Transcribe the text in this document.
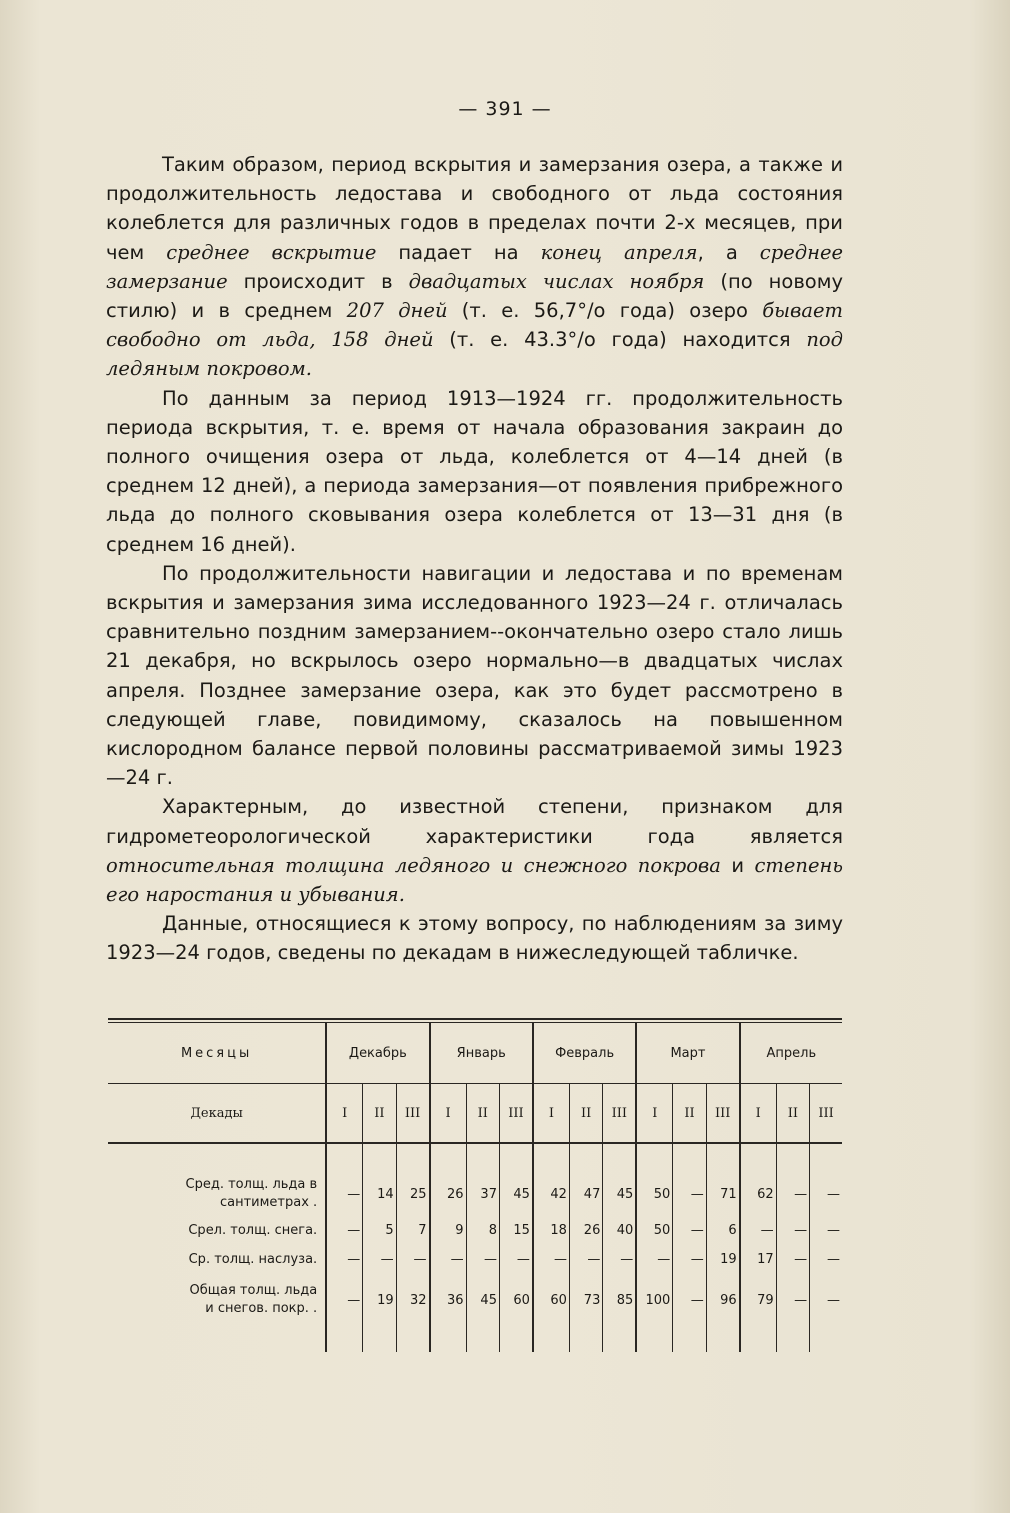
— 391 —

Таким образом, период вскрытия и замерзания озера, а также и продолжительность ледостава и свободного от льда состояния колеблется для различных годов в пределах почти 2-х месяцев, при чем среднее вскрытие падает на конец апреля, а среднее замерзание происходит в двадцатых числах ноября (по новому стилю) и в среднем 207 дней (т. е. 56,7°/o года) озеро бывает свободно от льда, 158 дней (т. е. 43.3°/o года) находится под ледяным покровом.

По данным за период 1913—1924 гг. продолжительность периода вскрытия, т. е. время от начала образования закраин до полного очищения озера от льда, колеблется от 4—14 дней (в среднем 12 дней), а периода замерзания—от появления прибрежного льда до полного сковывания озера колеблется от 13—31 дня (в среднем 16 дней).

По продолжительности навигации и ледостава и по временам вскрытия и замерзания зима исследованного 1923—24 г. отличалась сравнительно поздним замерзанием--окончательно озеро стало лишь 21 декабря, но вскрылось озеро нормально—в двадцатых числах апреля. Позднее замерзание озера, как это будет рассмотрено в следующей главе, повидимому, сказалось на повышенном кислородном балансе первой половины рассматриваемой зимы 1923—24 г.

Характерным, до известной степени, признаком для гидрометеорологической характеристики года является относительная толщина ледяного и снежного покрова и степень его наростания и убывания.

Данные, относящиеся к этому вопросу, по наблюдениям за зиму 1923—24 годов, сведены по декадам в нижеследующей табличке.

Месяцы	Декабрь			Январь			Февраль			Март			Апрель		
Декады	I	II	III	I	II	III	I	II	III	I	II	III	I	II	III

Сред. толщ. льда в
сантиметрах .	—	14	25	26	37	45	42	47	45	50	—	71	62	—	—

Срел. толщ. снега.	—	5	7	9	8	15	18	26	40	50	—	6	—	—	—

Ср. толщ. наслуза.	—	—	—	—	—	—	—	—	—	—	—	19	17	—	—

Общая толщ. льда
и снегов. покр. .	—	19	32	36	45	60	60	73	85	100	—	96	79	—	—
